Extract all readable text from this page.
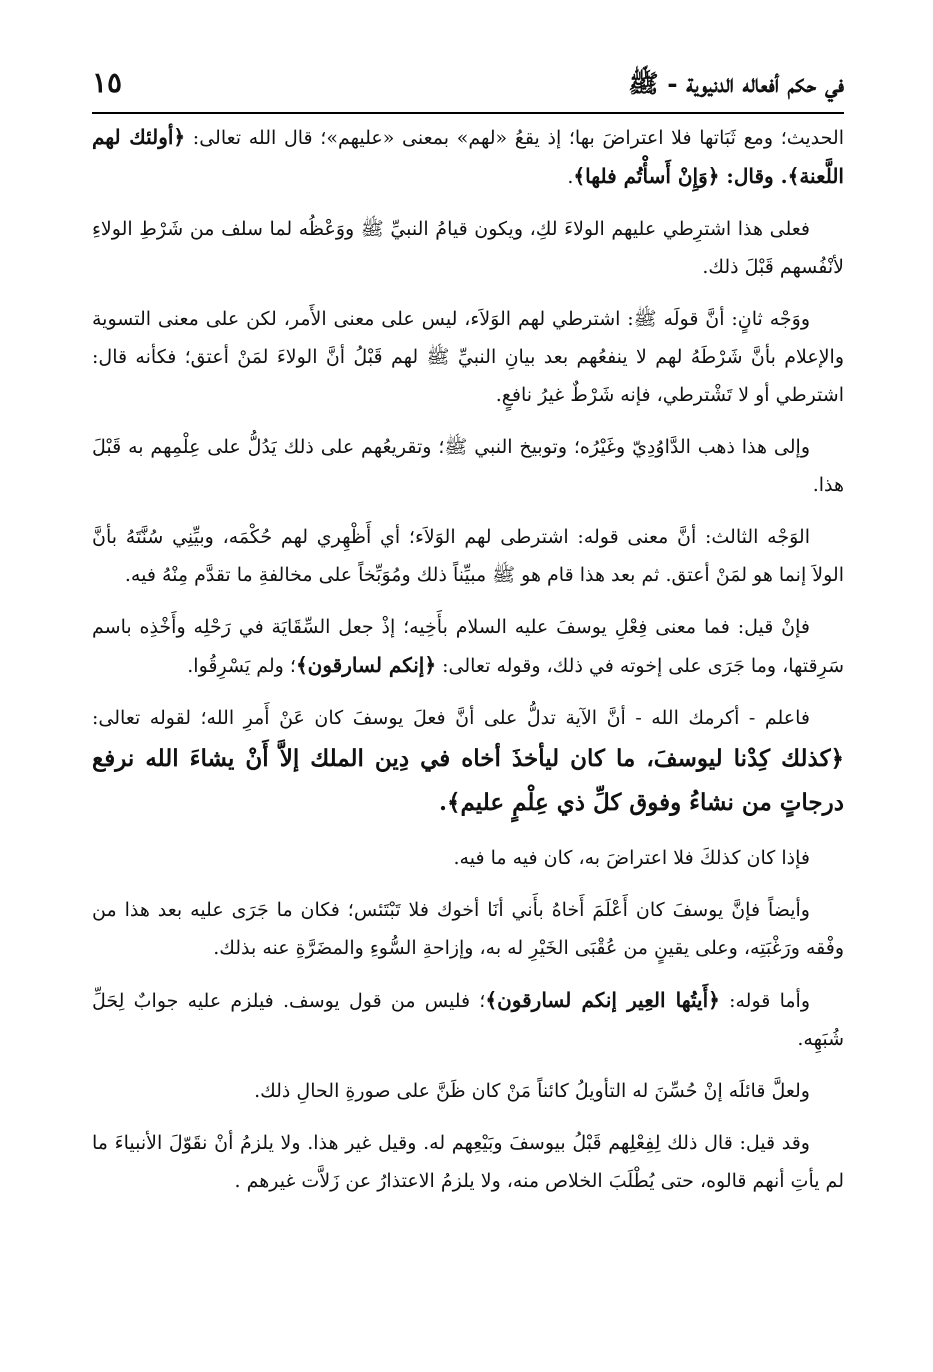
في حكم أفعاله الدنيوية - ﷺ
١٥

الحديث؛ ومع ثَبَاتها فلا اعتراضَ بها؛ إذ يقعُ «لهم» بمعنى «عليهم»؛ قال الله تعالى: ﴿أولئك لهم اللَّعنة﴾. وقال: ﴿وَإِنْ أَسأْتُم فلها﴾.

فعلى هذا اشترِطي عليهم الولاءَ لكِ، ويكون قيامُ النبيِّ ﷺ ووَعْظُه لما سلف من شَرْطِ الولاءِ لأنْفُسهم قَبْلَ ذلك.

ووَجْه ثانٍ: أنَّ قولَه ﷺ: اشترطي لهم الوَلاَء، ليس على معنى الأَمر، لكن على معنى التسوية والإعلام بأنَّ شَرْطَهُ لهم لا ينفعُهم بعد بيانِ النبيِّ ﷺ لهم قَبْلُ أنَّ الولاءَ لمَنْ أعتق؛ فكأنه قال: اشترطي أو لا تَشْترطي، فإنه شَرْطٌ غيرُ نافعٍ.

وإلى هذا ذهب الدَّاوُدِيّ وغَيْرُه؛ وتوبيخ النبي ﷺ؛ وتقريعُهم على ذلك يَدُلُّ على عِلْمِهم به قَبْلَ هذا.

الوَجْه الثالث: أنَّ معنى قوله: اشترطى لهم الوَلاَء؛ أي أَظْهِري لهم حُكْمَه، وبيِّنِي سُنَّتَهُ بأنَّ الولاَ إنما هو لمَنْ أعتق. ثم بعد هذا قام هو ﷺ مبيِّناً ذلك ومُوَبِّخاً على مخالفةِ ما تقدَّم مِنْهُ فيه.

فإنْ قيل: فما معنى فِعْلِ يوسفَ عليه السلام بأَخِيه؛ إذْ جعل السِّقَايَة في رَحْلِه وأَخْذِه باسم سَرِقتها، وما جَرَى على إخوته في ذلك، وقوله تعالى: ﴿إنكم لسارقون﴾؛ ولم يَسْرِقُوا.

فاعلم - أكرمك الله - أنَّ الآية تدلُّ على أنَّ فعلَ يوسفَ كان عَنْ أَمرِ الله؛ لقوله تعالى: ﴿كذلك كِدْنا ليوسفَ، ما كان ليأخذَ أخاه في دِين الملك إلاَّ أَنْ يشاءَ الله نرفع درجاتٍ من نشاءُ وفوق كلِّ ذي عِلْمٍ عليم﴾.

فإذا كان كذلكَ فلا اعتراضَ به، كان فيه ما فيه.

وأيضاً فإنَّ يوسفَ كان أَعْلَمَ أَخاهُ بأَني أنَا أخوك فلا تَبْتَئس؛ فكان ما جَرَى عليه بعد هذا من وفْقه ورَغْبَتِه، وعلى يقينٍ من عُقْبَى الخَيْرِ له به، وإزاحةِ السُّوءِ والمضَرَّةِ عنه بذلك.

وأما قوله: ﴿أَيتُها العِير إنكم لسارقون﴾؛ فليس من قول يوسف. فيلزم عليه جوابٌ لِحَلِّ شُبَهِه.

ولعلَّ قائلَه إنْ حُسِّنَ له التأويلُ كائناً مَنْ كان ظَنَّ على صورةِ الحالِ ذلك.

وقد قيل: قال ذلك لِفِعْلِهم قَبْلُ بيوسفَ وبَيْعِهم له. وقيل غير هذا. ولا يلزمُ أنْ نقَوّلَ الأنبياءَ ما لم يأتِ أنهم قالوه، حتى يُطْلَبَ الخلاص منه، ولا يلزمُ الاعتذارُ عن زَلاَّت غيرهم .
